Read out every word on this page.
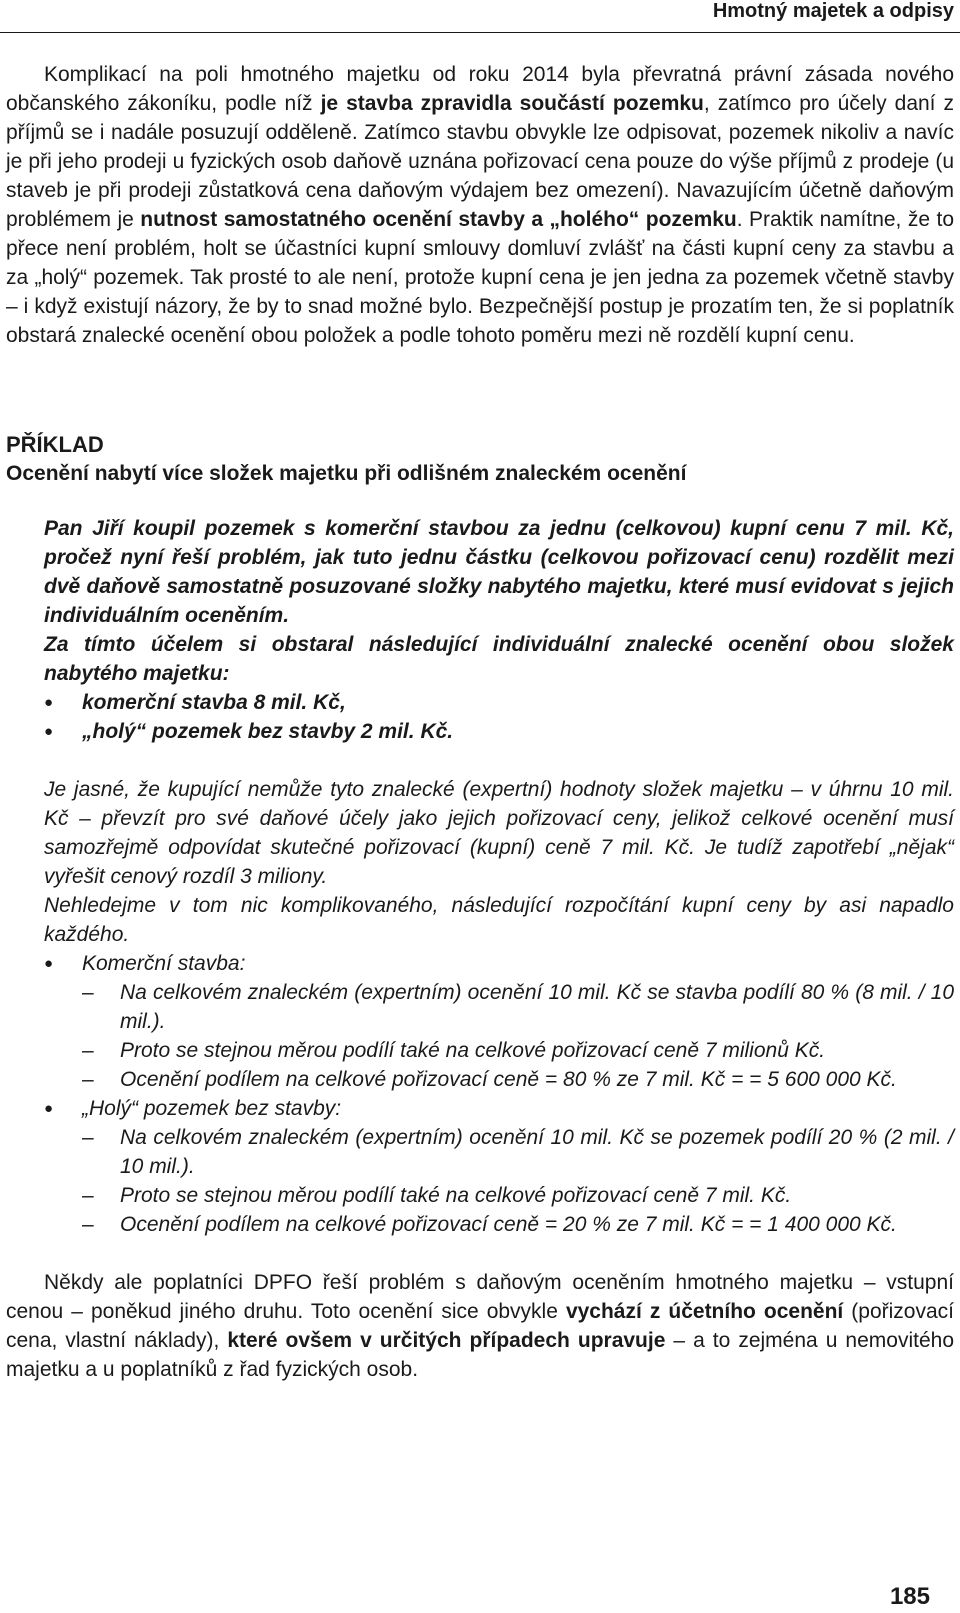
Hmotný majetek a odpisy

Komplikací na poli hmotného majetku od roku 2014 byla převratná právní zásada nového občanského zákoníku, podle níž je stavba zpravidla součástí pozemku, zatímco pro účely daní z příjmů se i nadále posuzují odděleně. Zatímco stavbu obvykle lze odpisovat, pozemek nikoliv a navíc je při jeho prodeji u fyzických osob daňově uznána pořizovací cena pouze do výše příjmů z prodeje (u staveb je při prodeji zůstatková cena daňovým výdajem bez omezení). Navazujícím účetně daňovým problémem je nutnost samostatného ocenění stavby a „holého“ pozemku. Praktik namítne, že to přece není problém, holt se účastníci kupní smlouvy domluví zvlášť na části kupní ceny za stavbu a za „holý“ pozemek. Tak prosté to ale není, protože kupní cena je jen jedna za pozemek včetně stavby – i když existují názory, že by to snad možné bylo. Bezpečnější postup je prozatím ten, že si poplatník obstará znalecké ocenění obou položek a podle tohoto poměru mezi ně rozdělí kupní cenu.

PŘÍKLAD

Ocenění nabytí více složek majetku při odlišném znaleckém ocenění

Pan Jiří koupil pozemek s komerční stavbou za jednu (celkovou) kupní cenu 7 mil. Kč, pročež nyní řeší problém, jak tuto jednu částku (celkovou pořizovací cenu) rozdělit mezi dvě daňově samostatně posuzované složky nabytého majetku, které musí evidovat s jejich individuálním oceněním.

Za tímto účelem si obstaral následující individuální znalecké ocenění obou složek nabytého majetku:

● komerční stavba 8 mil. Kč,
● „holý“ pozemek bez stavby 2 mil. Kč.

Je jasné, že kupující nemůže tyto znalecké (expertní) hodnoty složek majetku – v úhrnu 10 mil. Kč – převzít pro své daňové účely jako jejich pořizovací ceny, jelikož celkové ocenění musí samozřejmě odpovídat skutečné pořizovací (kupní) ceně 7 mil. Kč. Je tudíž zapotřebí „nějak“ vyřešit cenový rozdíl 3 miliony.

Nehledejme v tom nic komplikovaného, následující rozpočítání kupní ceny by asi napadlo každého.

● Komerční stavba:
– Na celkovém znaleckém (expertním) ocenění 10 mil. Kč se stavba podílí 80 % (8 mil. / 10 mil.).
– Proto se stejnou měrou podílí také na celkové pořizovací ceně 7 milionů Kč.
– Ocenění podílem na celkové pořizovací ceně = 80 % ze 7 mil. Kč = = 5 600 000 Kč.
● „Holý“ pozemek bez stavby:
– Na celkovém znaleckém (expertním) ocenění 10 mil. Kč se pozemek podílí 20 % (2 mil. / 10 mil.).
– Proto se stejnou měrou podílí také na celkové pořizovací ceně 7 mil. Kč.
– Ocenění podílem na celkové pořizovací ceně = 20 % ze 7 mil. Kč = = 1 400 000 Kč.

Někdy ale poplatníci DPFO řeší problém s daňovým oceněním hmotného majetku – vstupní cenou – poněkud jiného druhu. Toto ocenění sice obvykle vychází z účetního ocenění (pořizovací cena, vlastní náklady), které ovšem v určitých případech upravuje – a to zejména u nemovitého majetku a u poplatníků z řad fyzických osob.

185
